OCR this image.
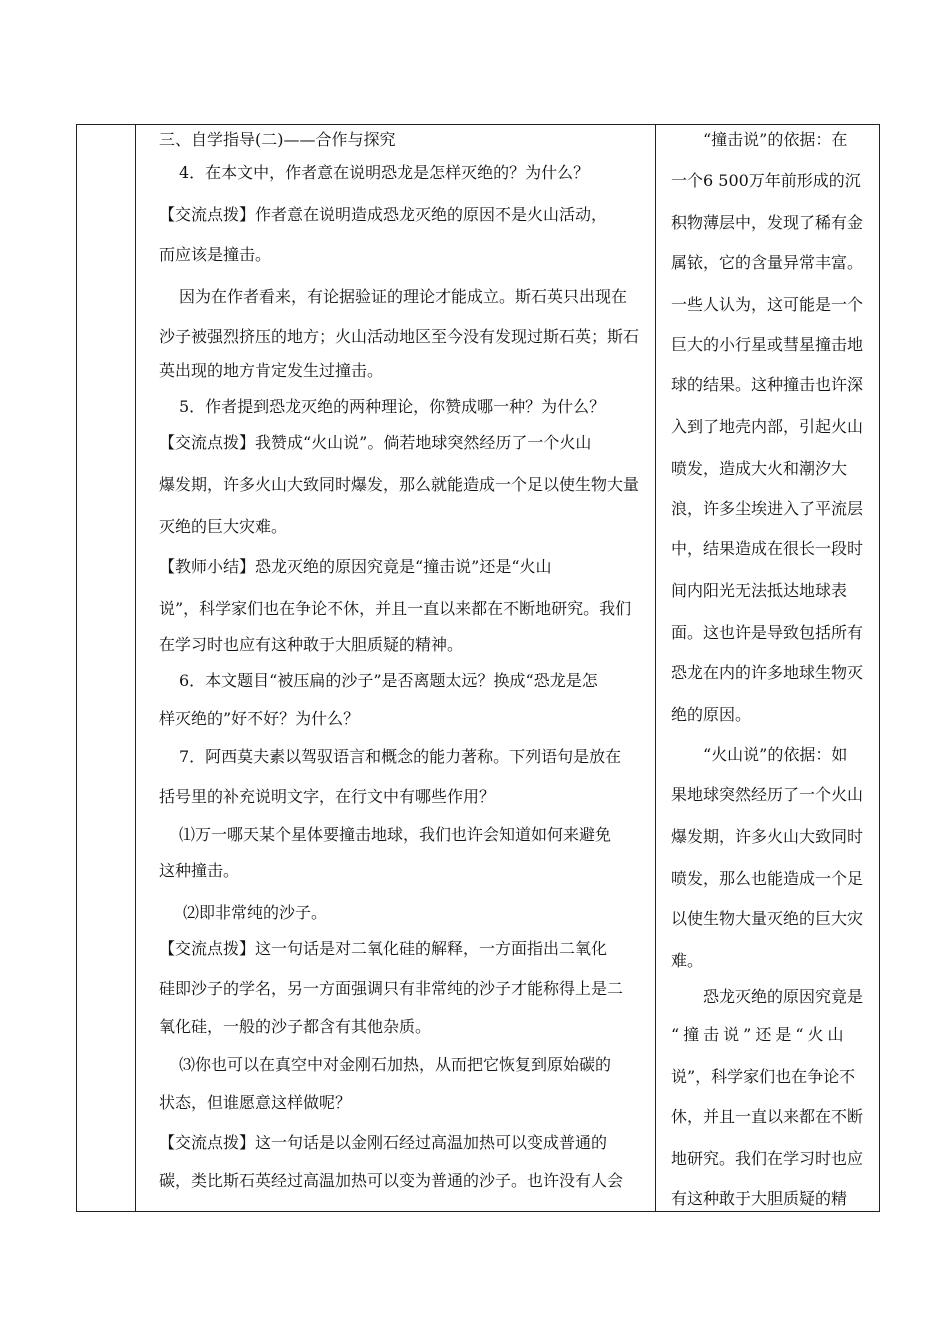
三、自学指导(二)——合作与探究
4．在本文中，作者意在说明恐龙是怎样灭绝的？为什么？
【交流点拨】作者意在说明造成恐龙灭绝的原因不是火山活动，
而应该是撞击。
因为在作者看来，有论据验证的理论才能成立。斯石英只出现在
沙子被强烈挤压的地方；火山活动地区至今没有发现过斯石英；斯石
英出现的地方肯定发生过撞击。
5．作者提到恐龙灭绝的两种理论，你赞成哪一种？为什么？
【交流点拨】我赞成“火山说”。倘若地球突然经历了一个火山
爆发期，许多火山大致同时爆发，那么就能造成一个足以使生物大量
灭绝的巨大灾难。
【教师小结】恐龙灭绝的原因究竟是“撞击说”还是“火山
说”，科学家们也在争论不休，并且一直以来都在不断地研究。我们
在学习时也应有这种敢于大胆质疑的精神。
6．本文题目“被压扁的沙子”是否离题太远？换成“恐龙是怎
样灭绝的”好不好？为什么？
7．阿西莫夫素以驾驭语言和概念的能力著称。下列语句是放在
括号里的补充说明文字，在行文中有哪些作用？
⑴万一哪天某个星体要撞击地球，我们也许会知道如何来避免
这种撞击。
⑵即非常纯的沙子。
【交流点拨】这一句话是对二氧化硅的解释，一方面指出二氧化
硅即沙子的学名，另一方面强调只有非常纯的沙子才能称得上是二
氧化硅，一般的沙子都含有其他杂质。
⑶你也可以在真空中对金刚石加热，从而把它恢复到原始碳的
状态，但谁愿意这样做呢？
【交流点拨】这一句话是以金刚石经过高温加热可以变成普通的
碳，类比斯石英经过高温加热可以变为普通的沙子。也许没有人会
“撞击说”的依据：在
一个6 500万年前形成的沉
积物薄层中，发现了稀有金
属铱，它的含量异常丰富。
一些人认为，这可能是一个
巨大的小行星或彗星撞击地
球的结果。这种撞击也许深
入到了地壳内部，引起火山
喷发，造成大火和潮汐大
浪，许多尘埃进入了平流层
中，结果造成在很长一段时
间内阳光无法抵达地球表
面。这也许是导致包括所有
恐龙在内的许多地球生物灭
绝的原因。
“火山说”的依据：如
果地球突然经历了一个火山
爆发期，许多火山大致同时
喷发，那么也能造成一个足
以使生物大量灭绝的巨大灾
难。
恐龙灭绝的原因究竟是
“撞击说”还是“火山
说”，科学家们也在争论不
休，并且一直以来都在不断
地研究。我们在学习时也应
有这种敢于大胆质疑的精
